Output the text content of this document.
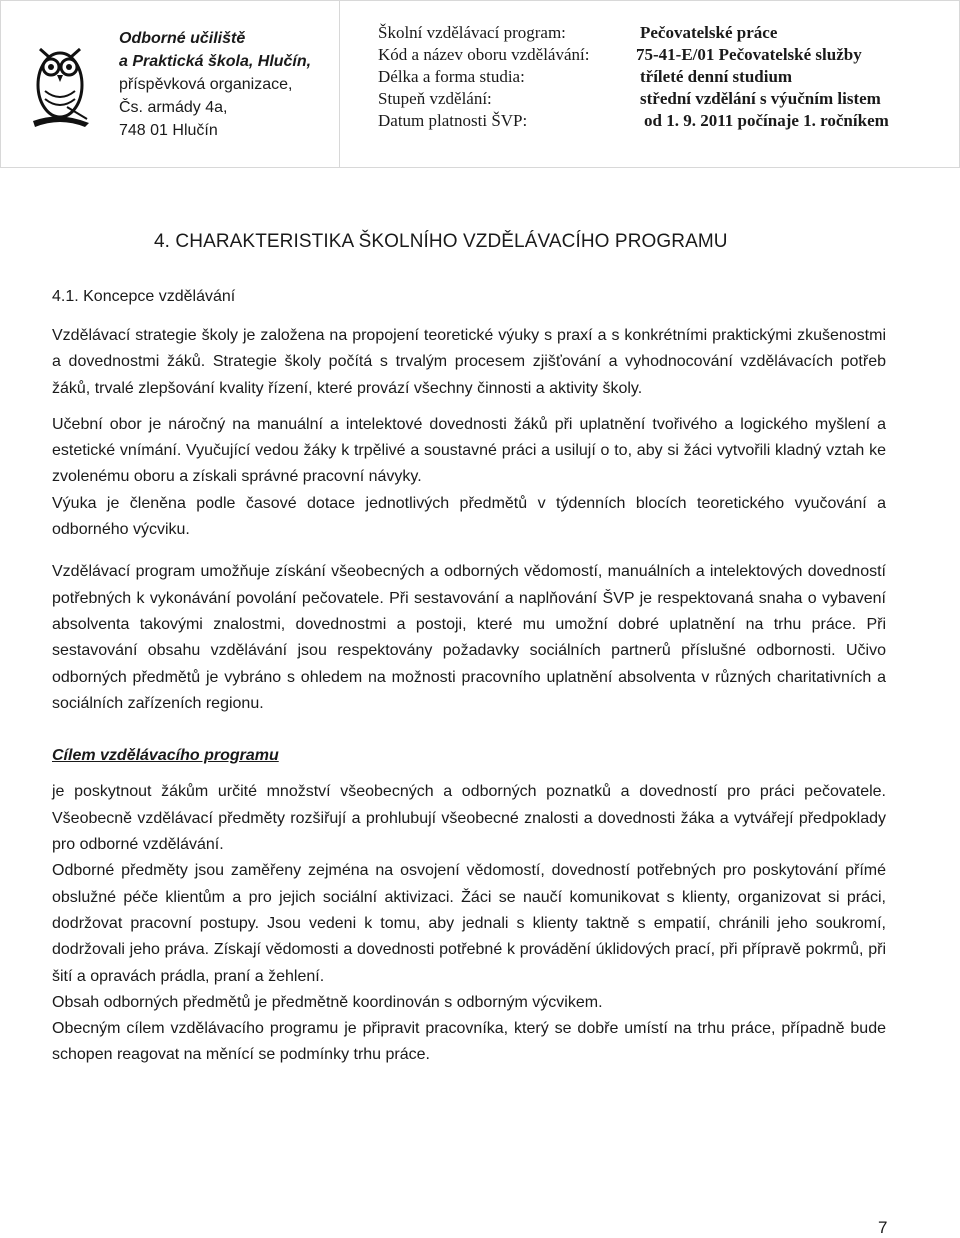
Odborné učiliště
a Praktická škola, Hlučín,
příspěvková organizace,
Čs. armády 4a,
748 01 Hlučín
Školní vzdělávací program:	Pečovatelské práce
Kód a název oboru vzdělávání:	75-41-E/01 Pečovatelské služby
Délka a forma studia:	tříleté denní studium
Stupeň vzdělání:	střední vzdělání s výučním listem
Datum platnosti ŠVP:	od 1. 9. 2011 počínaje 1. ročníkem
4. CHARAKTERISTIKA ŠKOLNÍHO VZDĚLÁVACÍHO PROGRAMU
4.1. Koncepce vzdělávání

Vzdělávací strategie školy je založena na propojení teoretické výuky s praxí a s konkrétními praktickými zkušenostmi a dovednostmi žáků. Strategie školy počítá s trvalým procesem zjišťování a vyhodnocování vzdělávacích potřeb žáků, trvalé zlepšování kvality řízení, které provází všechny činnosti a aktivity školy.

Učební obor je náročný na manuální a intelektové dovednosti žáků při uplatnění tvořivého a logického myšlení a estetické vnímání. Vyučující vedou žáky k trpělivé a soustavné práci a usilují o to, aby si žáci vytvořili kladný vztah ke zvolenému oboru a získali správné pracovní návyky.

Výuka je členěna podle časové dotace jednotlivých předmětů v týdenních blocích teoretického vyučování a odborného výcviku.

Vzdělávací program umožňuje získání všeobecných a odborných vědomostí, manuálních a intelektových dovedností potřebných k vykonávání povolání pečovatele. Při sestavování a naplňování ŠVP je respektovaná snaha o vybavení absolventa takovými znalostmi, dovednostmi a postoji, které mu umožní dobré uplatnění na trhu práce. Při sestavování obsahu vzdělávání jsou respektovány požadavky sociálních partnerů příslušné odbornosti. Učivo odborných předmětů je vybráno s ohledem na možnosti pracovního uplatnění absolventa v různých charitativních a sociálních zařízeních regionu.

Cílem vzdělávacího programu

je poskytnout žákům určité množství všeobecných a odborných poznatků a dovedností pro práci pečovatele. Všeobecně vzdělávací předměty rozšiřují a prohlubují všeobecné znalosti a dovednosti žáka a vytvářejí předpoklady pro odborné vzdělávání.

Odborné předměty jsou zaměřeny zejména na osvojení vědomostí, dovedností potřebných pro poskytování přímé obslužné péče klientům a pro jejich sociální aktivizaci. Žáci se naučí komunikovat s klienty, organizovat si práci, dodržovat pracovní postupy. Jsou vedeni k tomu, aby jednali s klienty taktně s empatií, chránili jeho soukromí, dodržovali jeho práva. Získají vědomosti a dovednosti potřebné k provádění úklidových prací, při přípravě pokrmů, při šití a opravách prádla, praní a žehlení.

Obsah odborných předmětů je předmětně koordinován s odborným výcvikem.

Obecným cílem vzdělávacího programu je připravit pracovníka, který se dobře umístí na trhu práce, případně bude schopen reagovat na měnící se podmínky trhu práce.

7
